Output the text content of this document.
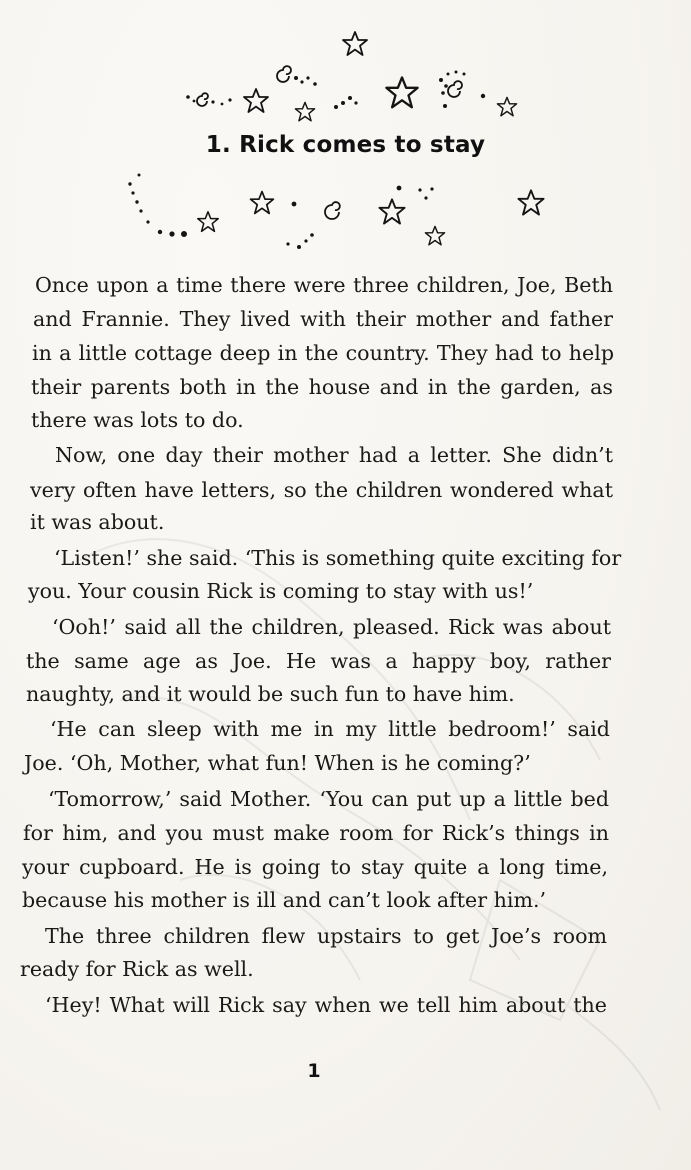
1. Rick comes to stay
Once upon a time there were three children, Joe, Beth
and Frannie. They lived with their mother and father
in a little cottage deep in the country. They had to help
their parents both in the house and in the garden, as
there was lots to do.
Now, one day their mother had a letter. She didn’t
very often have letters, so the children wondered what
it was about.
‘Listen!’ she said. ‘This is something quite exciting for
you. Your cousin Rick is coming to stay with us!’
‘Ooh!’ said all the children, pleased. Rick was about
the same age as Joe. He was a happy boy, rather
naughty, and it would be such fun to have him.
‘He can sleep with me in my little bedroom!’ said
Joe. ‘Oh, Mother, what fun! When is he coming?’
‘Tomorrow,’ said Mother. ‘You can put up a little bed
for him, and you must make room for Rick’s things in
your cupboard. He is going to stay quite a long time,
because his mother is ill and can’t look after him.’
The three children flew upstairs to get Joe’s room
ready for Rick as well.
‘Hey! What will Rick say when we tell him about the
1
